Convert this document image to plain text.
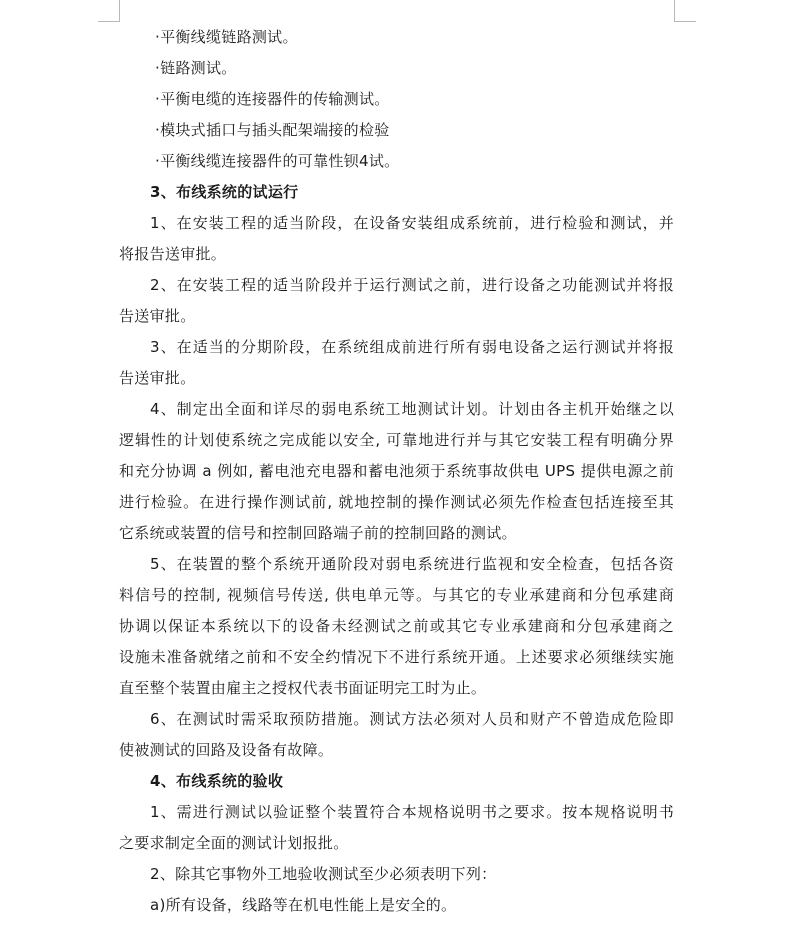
·平衡线缆链路测试。
·链路测试。
·平衡电缆的连接器件的传输测试。
·模块式插口与插头配架端接的检验
·平衡线缆连接器件的可靠性钡4试。
3、布线系统的试运行
1、在安装工程的适当阶段，在设备安装组成系统前，进行检验和测试，并
将报告送审批。
2、在安装工程的适当阶段并于运行测试之前，进行设备之功能测试并将报
告送审批。
3、在适当的分期阶段，在系统组成前进行所有弱电设备之运行测试并将报
告送审批。
4、制定出全面和详尽的弱电系统工地测试计划。计划由各主机开始继之以
逻辑性的计划使系统之完成能以安全, 可靠地进行并与其它安装工程有明确分界
和充分协调 a 例如, 蓄电池充电器和蓄电池须于系统事故供电 UPS 提供电源之前
进行检验。在进行操作测试前, 就地控制的操作测试必须先作检查包括连接至其
它系统或装置的信号和控制回路端子前的控制回路的测试。
5、在装置的整个系统开通阶段对弱电系统进行监视和安全检查，包括各资
料信号的控制, 视频信号传送, 供电单元等。与其它的专业承建商和分包承建商
协调以保证本系统以下的设备未经测试之前或其它专业承建商和分包承建商之
设施未准备就绪之前和不安全约情况下不进行系统开通。上述要求必须继续实施
直至整个装置由雇主之授权代表书面证明完工时为止。
6、在测试时需采取预防措施。测试方法必须对人员和财产不曾造成危险即
使被测试的回路及设备有故障。
4、布线系统的验收
1、需进行测试以验证整个装置符合本规格说明书之要求。按本规格说明书
之要求制定全面的测试计划报批。
2、除其它事物外工地验收测试至少必须表明下列：
a)所有设备，线路等在机电性能上是安全的。
